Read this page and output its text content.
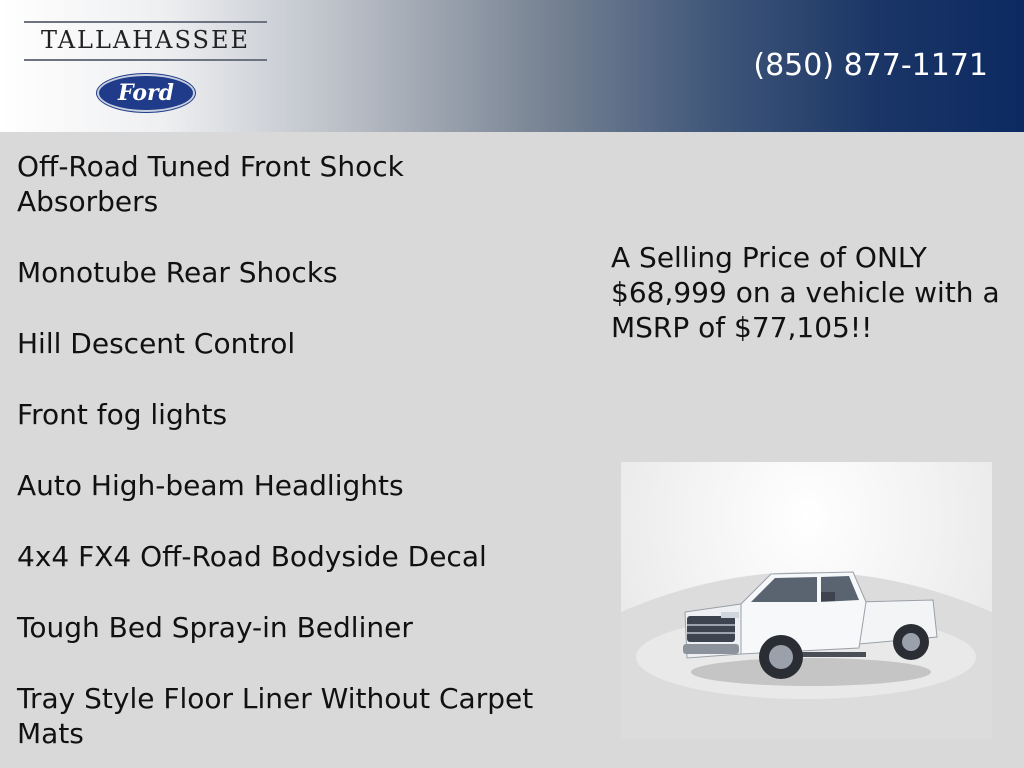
TALLAHASSEE
Ford
(850) 877-1171
Off-Road Tuned Front Shock Absorbers
Monotube Rear Shocks
Hill Descent Control
Front fog lights
Auto High-beam Headlights
4x4 FX4 Off-Road Bodyside Decal
Tough Bed Spray-in Bedliner
Tray Style Floor Liner Without Carpet Mats
A Selling Price of ONLY $68,999 on a vehicle with a MSRP of $77,105!!
